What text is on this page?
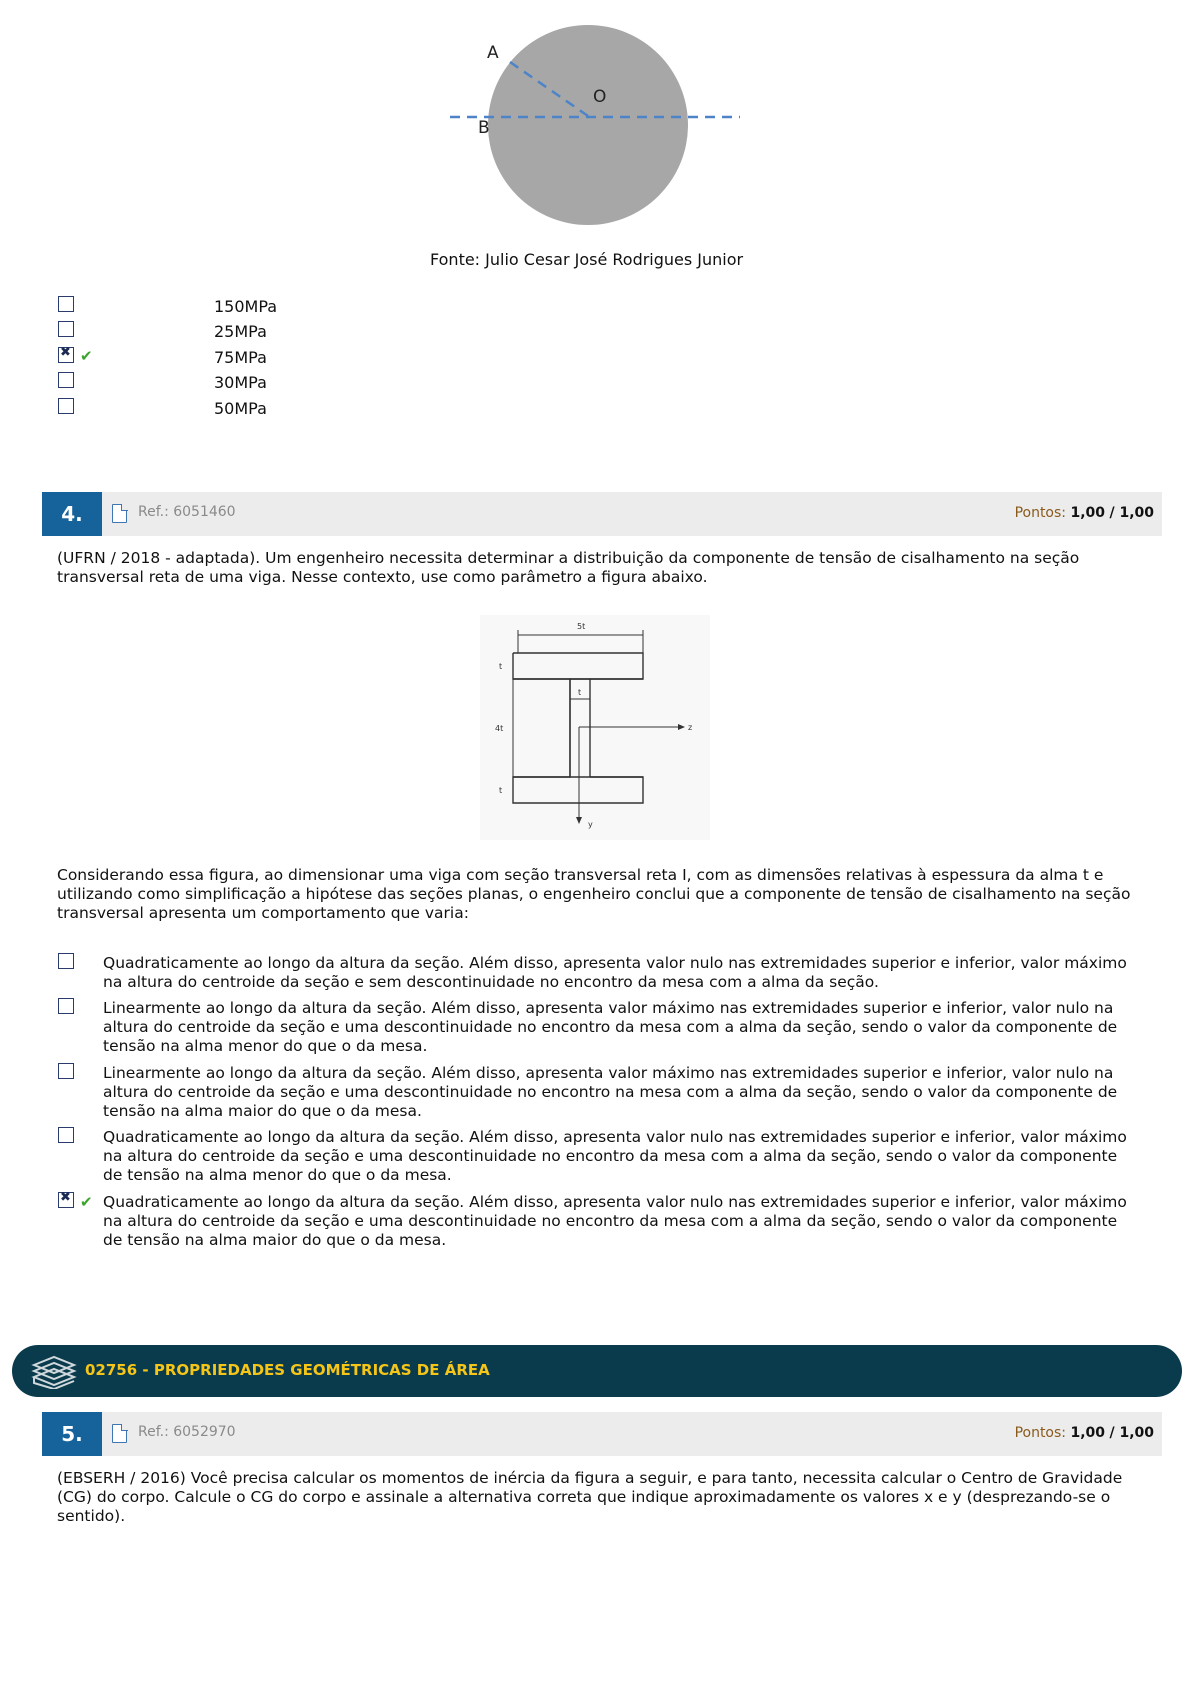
A
O
B
Fonte: Julio Cesar José Rodrigues Junior
150MPa
25MPa
✖
✔	75MPa
30MPa
50MPa
4.	Ref.: 6051460	Pontos: 1,00 / 1,00
(UFRN / 2018 - adaptada). Um engenheiro necessita determinar a distribuição da componente de tensão de cisalhamento na seção transversal reta de uma viga. Nesse contexto, use como parâmetro a figura abaixo.
5t
t
4t
t
t
z
y
Considerando essa figura, ao dimensionar uma viga com seção transversal reta I, com as dimensões relativas à espessura da alma t e utilizando como simplificação a hipótese das seções planas, o engenheiro conclui que a componente de tensão de cisalhamento na seção transversal apresenta um comportamento que varia:
Quadraticamente ao longo da altura da seção. Além disso, apresenta valor nulo nas extremidades superior e inferior, valor máximo na altura do centroide da seção e sem descontinuidade no encontro da mesa com a alma da seção.
Linearmente ao longo da altura da seção. Além disso, apresenta valor máximo nas extremidades superior e inferior, valor nulo na altura do centroide da seção e uma descontinuidade no encontro da mesa com a alma da seção, sendo o valor da componente de tensão na alma menor do que o da mesa.
Linearmente ao longo da altura da seção. Além disso, apresenta valor máximo nas extremidades superior e inferior, valor nulo na altura do centroide da seção e uma descontinuidade no encontro na mesa com a alma da seção, sendo o valor da componente de tensão na alma maior do que o da mesa.
Quadraticamente ao longo da altura da seção. Além disso, apresenta valor nulo nas extremidades superior e inferior, valor máximo na altura do centroide da seção e uma descontinuidade no encontro da mesa com a alma da seção, sendo o valor da componente de tensão na alma menor do que o da mesa.
✖
✔ Quadraticamente ao longo da altura da seção. Além disso, apresenta valor nulo nas extremidades superior e inferior, valor máximo na altura do centroide da seção e uma descontinuidade no encontro da mesa com a alma da seção, sendo o valor da componente de tensão na alma maior do que o da mesa.
02756 - PROPRIEDADES GEOMÉTRICAS DE ÁREA
5.	Ref.: 6052970	Pontos: 1,00 / 1,00
(EBSERH / 2016) Você precisa calcular os momentos de inércia da figura a seguir, e para tanto, necessita calcular o Centro de Gravidade (CG) do corpo. Calcule o CG do corpo e assinale a alternativa correta que indique aproximadamente os valores x e y (desprezando-se o sentido).
